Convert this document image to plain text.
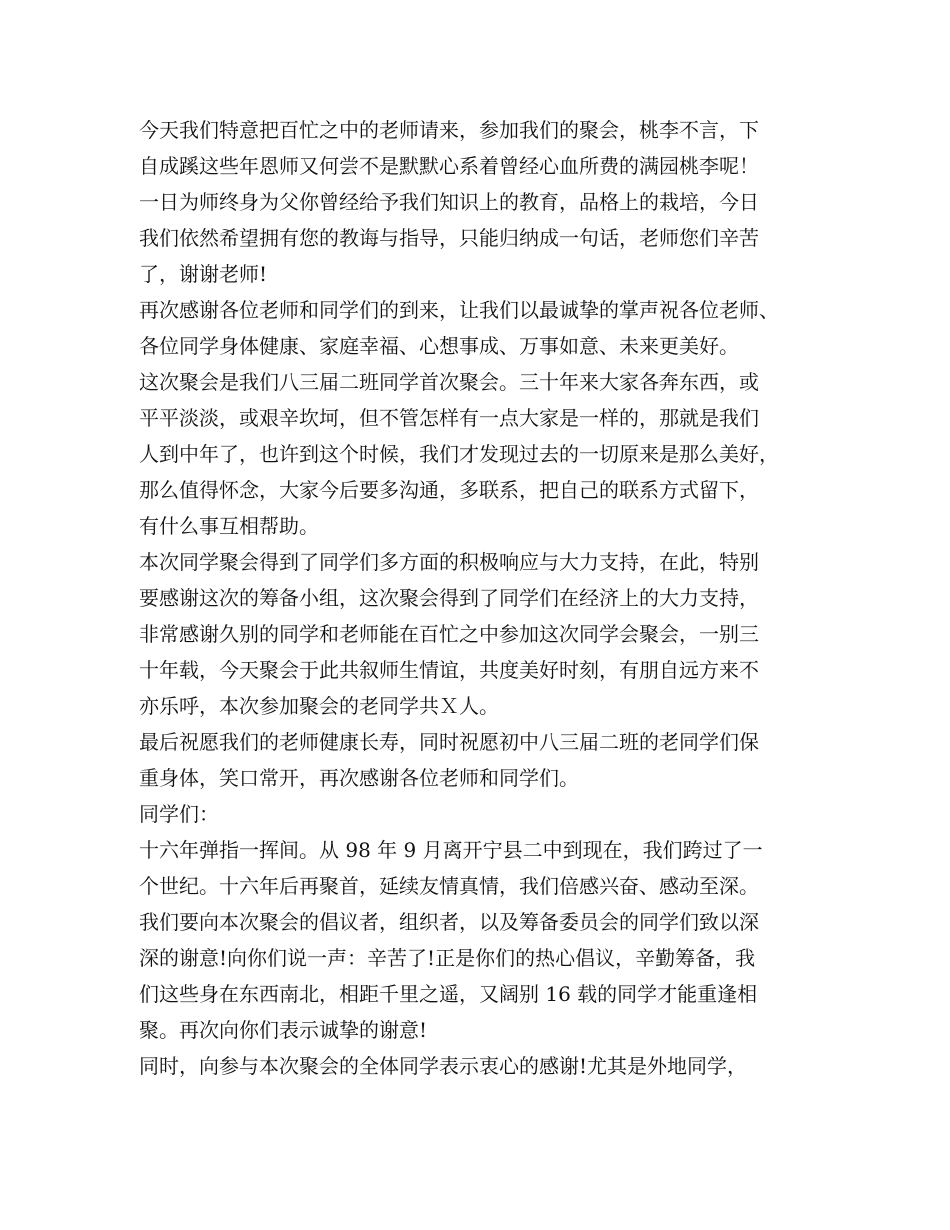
今天我们特意把百忙之中的老师请来，参加我们的聚会，桃李不言，下

自成蹊这些年恩师又何尝不是默默心系着曾经心血所费的满园桃李呢！

一日为师终身为父你曾经给予我们知识上的教育，品格上的栽培，今日

我们依然希望拥有您的教诲与指导，只能归纳成一句话，老师您们辛苦

了，谢谢老师!

再次感谢各位老师和同学们的到来，让我们以最诚挚的掌声祝各位老师、

各位同学身体健康、家庭幸福、心想事成、万事如意、未来更美好。

这次聚会是我们八三届二班同学首次聚会。三十年来大家各奔东西，或

平平淡淡，或艰辛坎坷，但不管怎样有一点大家是一样的，那就是我们

人到中年了，也许到这个时候，我们才发现过去的一切原来是那么美好，

那么值得怀念，大家今后要多沟通，多联系，把自己的联系方式留下，

有什么事互相帮助。

本次同学聚会得到了同学们多方面的积极响应与大力支持，在此，特别

要感谢这次的筹备小组，这次聚会得到了同学们在经济上的大力支持，

非常感谢久别的同学和老师能在百忙之中参加这次同学会聚会，一别三

十年载，今天聚会于此共叙师生情谊，共度美好时刻，有朋自远方来不

亦乐呼，本次参加聚会的老同学共Ｘ人。

最后祝愿我们的老师健康长寿，同时祝愿初中八三届二班的老同学们保

重身体，笑口常开，再次感谢各位老师和同学们。

同学们：

十六年弹指一挥间。从 98 年 9 月离开宁县二中到现在，我们跨过了一

个世纪。十六年后再聚首，延续友情真情，我们倍感兴奋、感动至深。

我们要向本次聚会的倡议者，组织者，以及筹备委员会的同学们致以深

深的谢意!向你们说一声：辛苦了!正是你们的热心倡议，辛勤筹备，我

们这些身在东西南北，相距千里之遥，又阔别 16 载的同学才能重逢相

聚。再次向你们表示诚挚的谢意!

同时，向参与本次聚会的全体同学表示衷心的感谢!尤其是外地同学，
